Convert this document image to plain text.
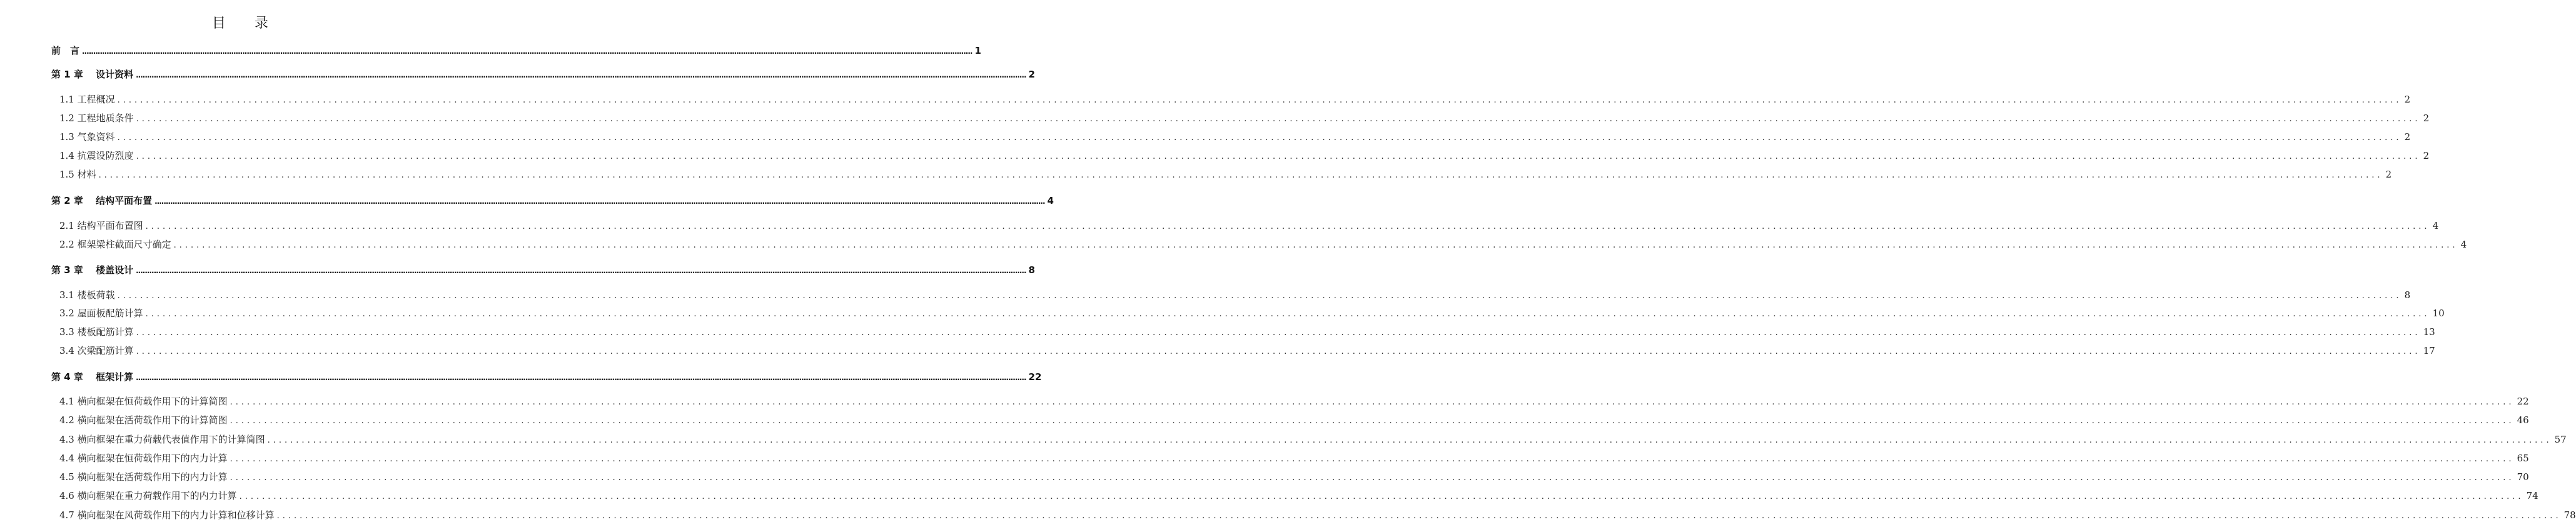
目　录
前　言 ................................................................................................................................................................................................................................................................................................................................................................................................................ 1
第 1 章　 设计资料 ................................................................................................................................................................................................................................................................................................................................................................................................................ 2
1.1 工程概况 ................................................................................................................................................................................................................................................................................................................................................................................................................ 2
1.2 工程地质条件 ................................................................................................................................................................................................................................................................................................................................................................................................................ 2
1.3 气象资料 ................................................................................................................................................................................................................................................................................................................................................................................................................ 2
1.4 抗震设防烈度 ................................................................................................................................................................................................................................................................................................................................................................................................................ 2
1.5 材料 ................................................................................................................................................................................................................................................................................................................................................................................................................ 2
第 2 章　 结构平面布置 ................................................................................................................................................................................................................................................................................................................................................................................................................ 4
2.1 结构平面布置图 ................................................................................................................................................................................................................................................................................................................................................................................................................ 4
2.2 框架梁柱截面尺寸确定 ................................................................................................................................................................................................................................................................................................................................................................................................................ 4
第 3 章　 楼盖设计 ................................................................................................................................................................................................................................................................................................................................................................................................................ 8
3.1 楼板荷载 ................................................................................................................................................................................................................................................................................................................................................................................................................ 8
3.2 屋面板配筋计算 ................................................................................................................................................................................................................................................................................................................................................................................................................ 10
3.3 楼板配筋计算 ................................................................................................................................................................................................................................................................................................................................................................................................................ 13
3.4 次梁配筋计算 ................................................................................................................................................................................................................................................................................................................................................................................................................ 17
第 4 章　 框架计算 ................................................................................................................................................................................................................................................................................................................................................................................................................ 22
4.1 横向框架在恒荷载作用下的计算简图 ................................................................................................................................................................................................................................................................................................................................................................................................................ 22
4.2 横向框架在活荷载作用下的计算简图 ................................................................................................................................................................................................................................................................................................................................................................................................................ 46
4.3 横向框架在重力荷载代表值作用下的计算简图 ................................................................................................................................................................................................................................................................................................................................................................................................................ 57
4.4 横向框架在恒荷载作用下的内力计算 ................................................................................................................................................................................................................................................................................................................................................................................................................ 65
4.5 横向框架在活荷载作用下的内力计算 ................................................................................................................................................................................................................................................................................................................................................................................................................ 70
4.6 横向框架在重力荷载作用下的内力计算 ................................................................................................................................................................................................................................................................................................................................................................................................................ 74
4.7 横向框架在风荷载作用下的内力计算和位移计算 ................................................................................................................................................................................................................................................................................................................................................................................................................ 78
